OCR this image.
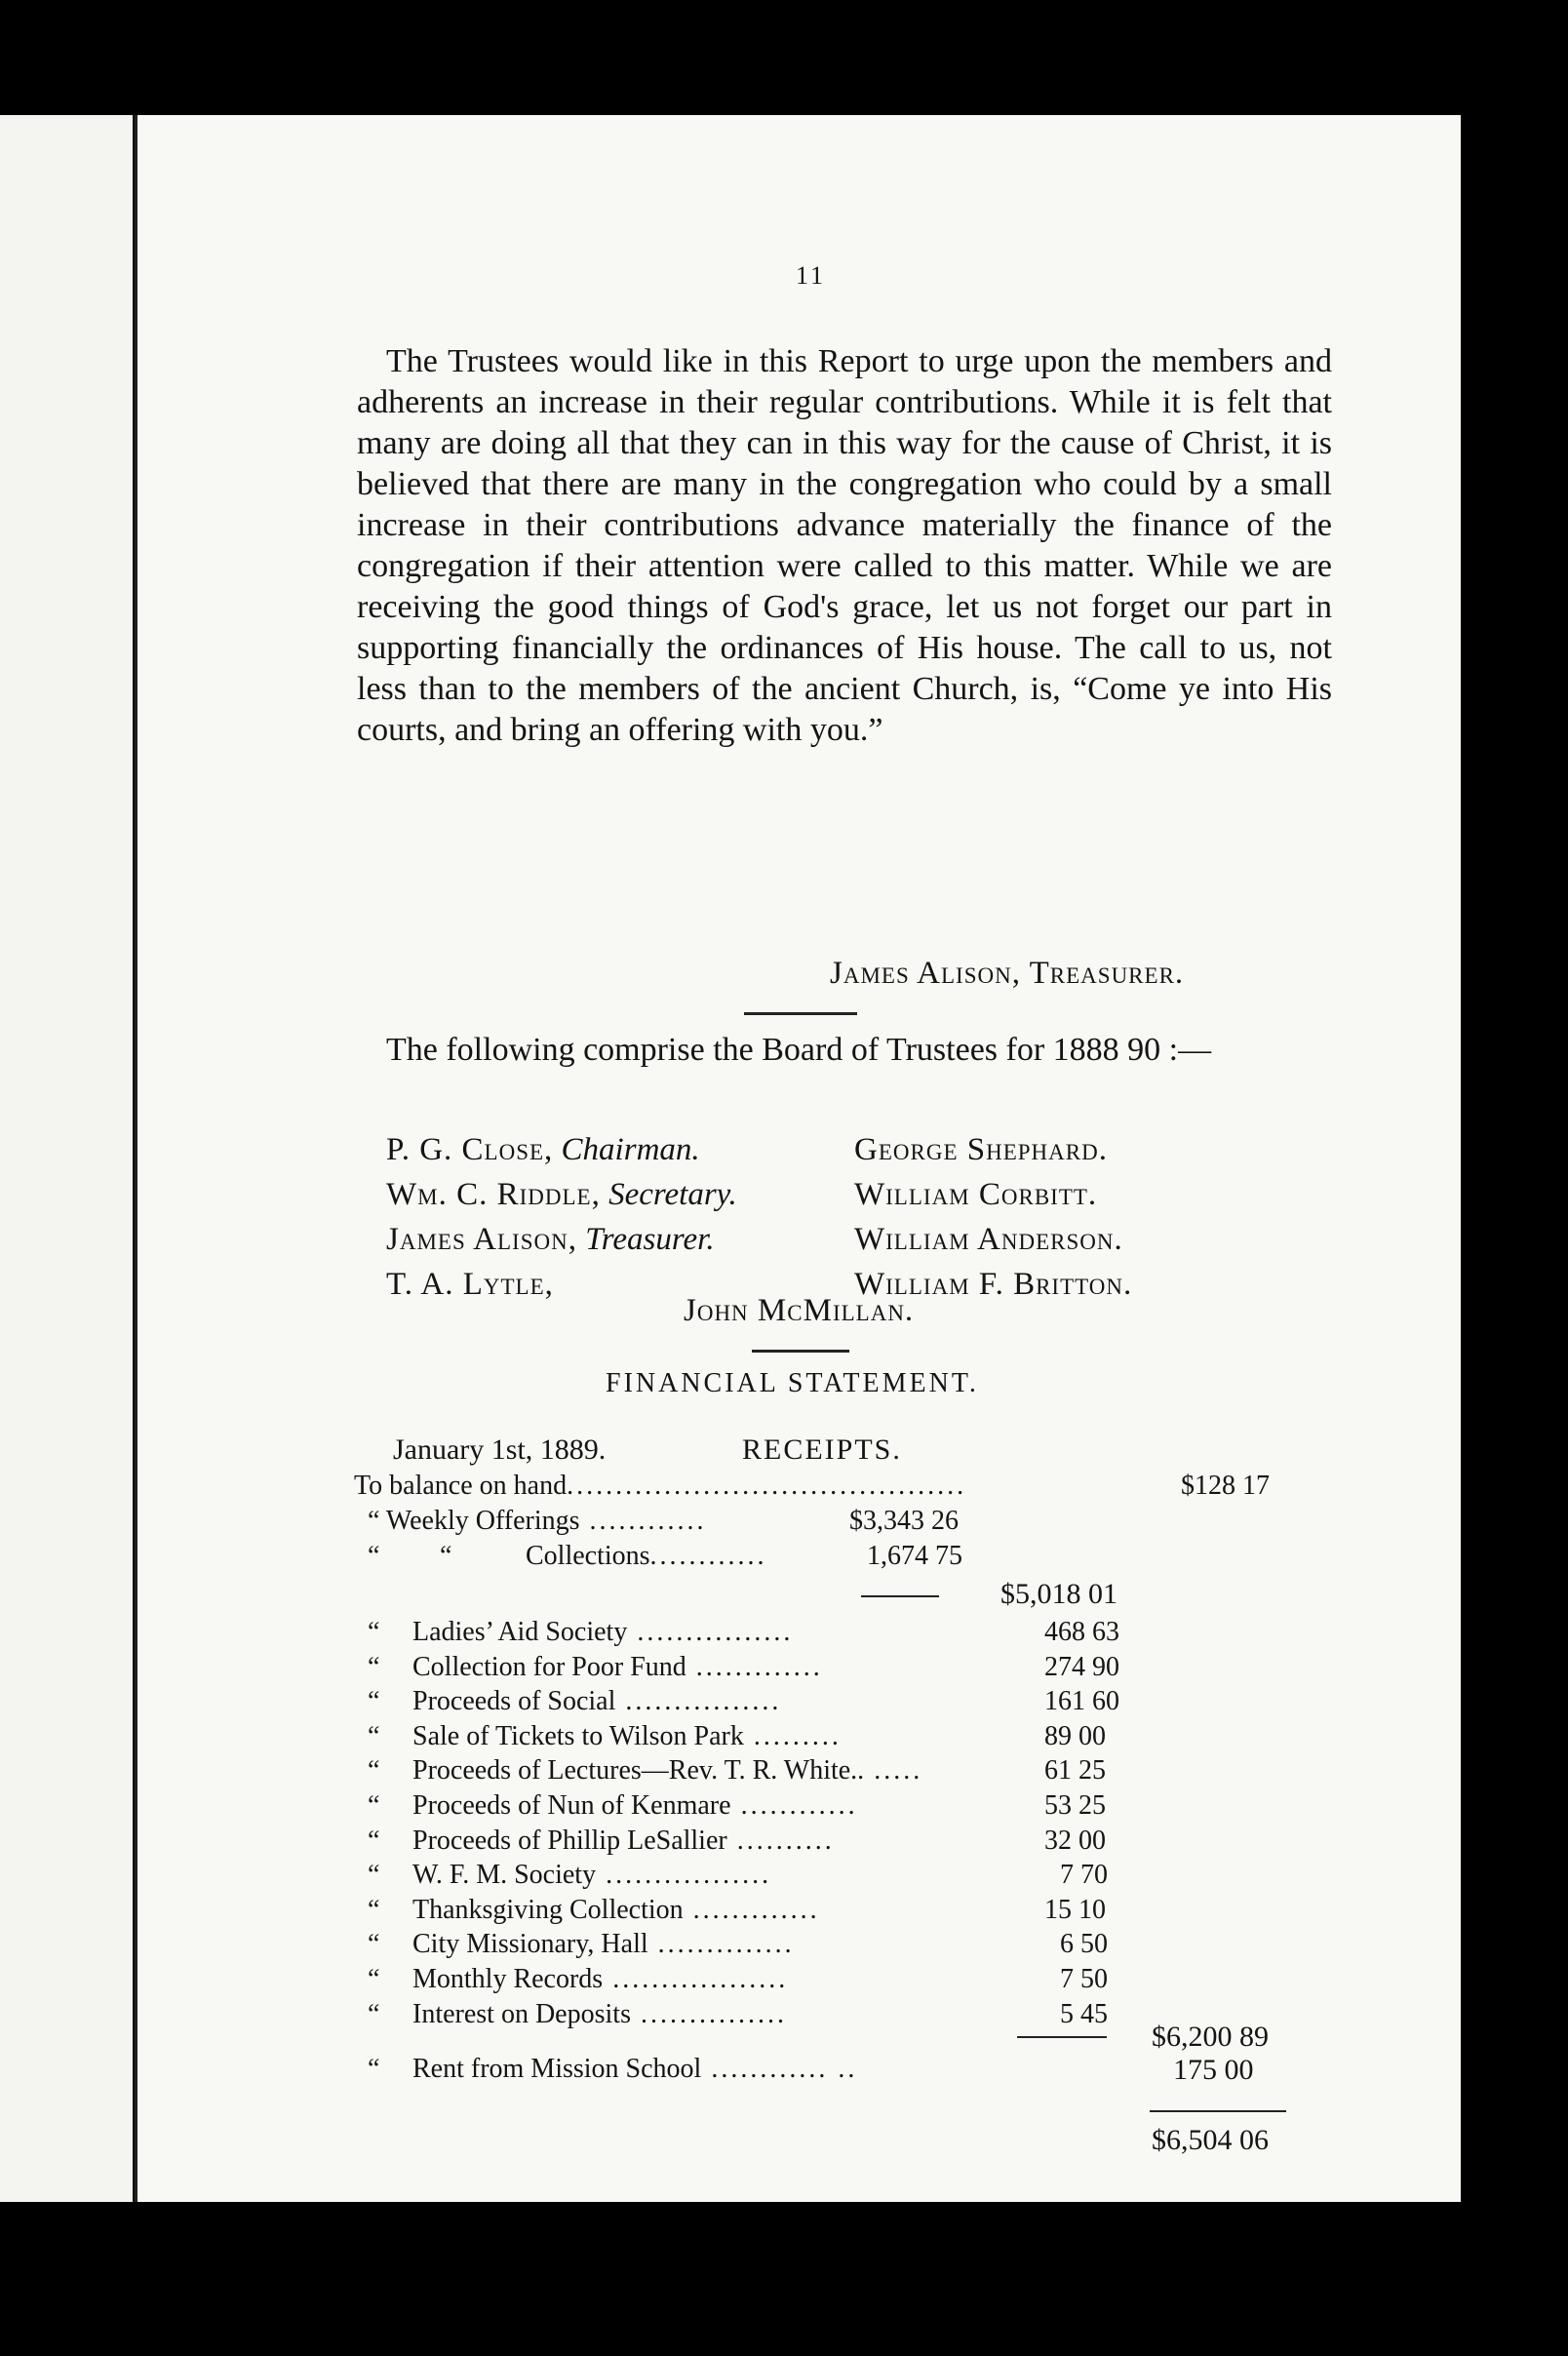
11
The Trustees would like in this Report to urge upon the members and adherents an increase in their regular contributions. While it is felt that many are doing all that they can in this way for the cause of Christ, it is believed that there are many in the congregation who could by a small increase in their contributions advance materially the finance of the congregation if their attention were called to this matter. While we are receiving the good things of God's grace, let us not forget our part in supporting financially the ordinances of His house. The call to us, not less than to the members of the ancient Church, is, “Come ye into His courts, and bring an offering with you.”
James Alison, Treasurer.
The following comprise the Board of Trustees for 1888 90 :—
P. G. Close, Chairman.	George Shephard.
Wm. C. Riddle, Secretary.	William Corbitt.
James Alison, Treasurer.	William Anderson.
T. A. Lytle,	William F. Britton.
John McMillan.
FINANCIAL STATEMENT.
January 1st, 1889.	RECEIPTS.
To balance on hand.........................................	$128 17
“ Weekly Offerings ............	$3,343 26
“ “	Collections............	1,674 75
$5,018 01
“ Ladies’ Aid Society ................	468 63
“ Collection for Poor Fund .............	274 90
“ Proceeds of Social ................	161 60
“ Sale of Tickets to Wilson Park .........	89 00
“ Proceeds of Lectures—Rev. T. R. White.. .....	61 25
“ Proceeds of Nun of Kenmare ............	53 25
“ Proceeds of Phillip LeSallier ..........	32 00
“ W. F. M. Society .................	7 70
“ Thanksgiving Collection .............	15 10
“ City Missionary, Hall ..............	6 50
“ Monthly Records ..................	7 50
“ Interest on Deposits ...............	5 45
$6,200 89
“ Rent from Mission School ............ ..	175 00
$6,504 06
